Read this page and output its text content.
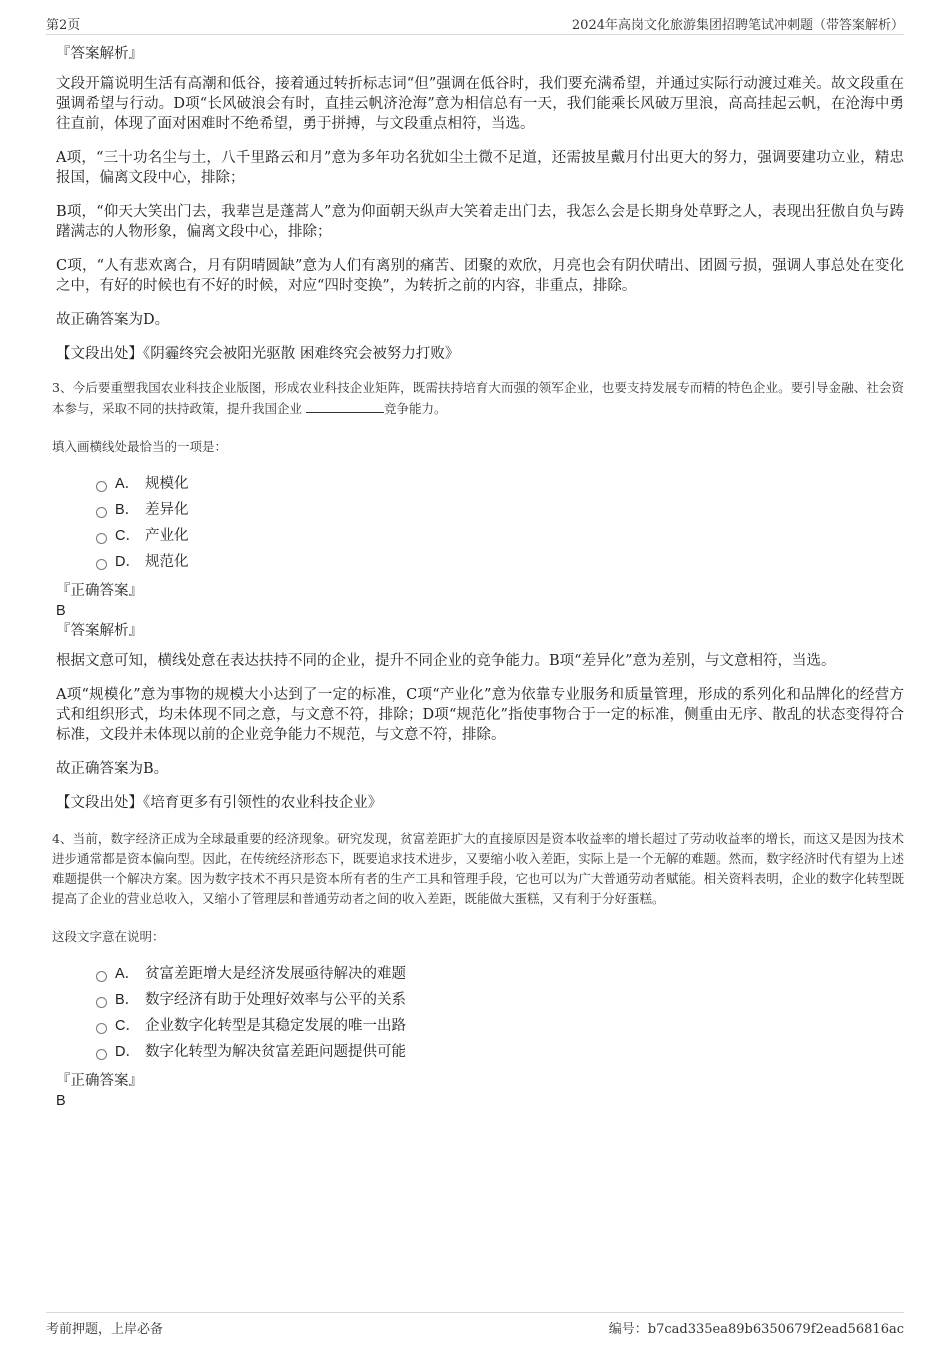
第2页	2024年高岗文化旅游集团招聘笔试冲刺题（带答案解析）
『答案解析』

文段开篇说明生活有高潮和低谷，接着通过转折标志词“但”强调在低谷时，我们要充满希望，并通过实际行动渡过难关。故文段重在强调希望与行动。D项“长风破浪会有时，直挂云帆济沧海”意为相信总有一天，我们能乘长风破万里浪，高高挂起云帆，在沧海中勇往直前，体现了面对困难时不绝希望，勇于拼搏，与文段重点相符，当选。

A项，“三十功名尘与土，八千里路云和月”意为多年功名犹如尘土微不足道，还需披星戴月付出更大的努力，强调要建功立业，精忠报国，偏离文段中心，排除；

B项，“仰天大笑出门去，我辈岂是蓬蒿人”意为仰面朝天纵声大笑着走出门去，我怎么会是长期身处草野之人，表现出狂傲自负与踌躇满志的人物形象，偏离文段中心，排除；

C项，“人有悲欢离合，月有阴晴圆缺”意为人们有离别的痛苦、团聚的欢欣，月亮也会有阴伏晴出、团圆亏损，强调人事总处在变化之中，有好的时候也有不好的时候，对应“四时变换”，为转折之前的内容，非重点，排除。

故正确答案为D。

【文段出处】《阴霾终究会被阳光驱散 困难终究会被努力打败》

3、今后要重塑我国农业科技企业版图，形成农业科技企业矩阵，既需扶持培育大而强的领军企业，也要支持发展专而精的特色企业。要引导金融、社会资本参与，采取不同的扶持政策，提升我国企业	竞争能力。

填入画横线处最恰当的一项是：

A． 规模化
B． 差异化
C． 产业化
D． 规范化
『正确答案』
B
『答案解析』

根据文意可知，横线处意在表达扶持不同的企业，提升不同企业的竞争能力。B项“差异化”意为差别，与文意相符，当选。

A项“规模化”意为事物的规模大小达到了一定的标准，C项“产业化”意为依靠专业服务和质量管理，形成的系列化和品牌化的经营方式和组织形式，均未体现不同之意，与文意不符，排除；D项“规范化”指使事物合于一定的标准，侧重由无序、散乱的状态变得符合标准，文段并未体现以前的企业竞争能力不规范，与文意不符，排除。

故正确答案为B。

【文段出处】《培育更多有引领性的农业科技企业》

4、当前，数字经济正成为全球最重要的经济现象。研究发现，贫富差距扩大的直接原因是资本收益率的增长超过了劳动收益率的增长，而这又是因为技术进步通常都是资本偏向型。因此，在传统经济形态下，既要追求技术进步，又要缩小收入差距，实际上是一个无解的难题。然而，数字经济时代有望为上述难题提供一个解决方案。因为数字技术不再只是资本所有者的生产工具和管理手段，它也可以为广大普通劳动者赋能。相关资料表明，企业的数字化转型既提高了企业的营业总收入，又缩小了管理层和普通劳动者之间的收入差距，既能做大蛋糕，又有利于分好蛋糕。

这段文字意在说明：

A． 贫富差距增大是经济发展亟待解决的难题
B． 数字经济有助于处理好效率与公平的关系
C． 企业数字化转型是其稳定发展的唯一出路
D． 数字化转型为解决贫富差距问题提供可能
『正确答案』
B
考前押题，上岸必备	编号：b7cad335ea89b6350679f2ead56816ac
